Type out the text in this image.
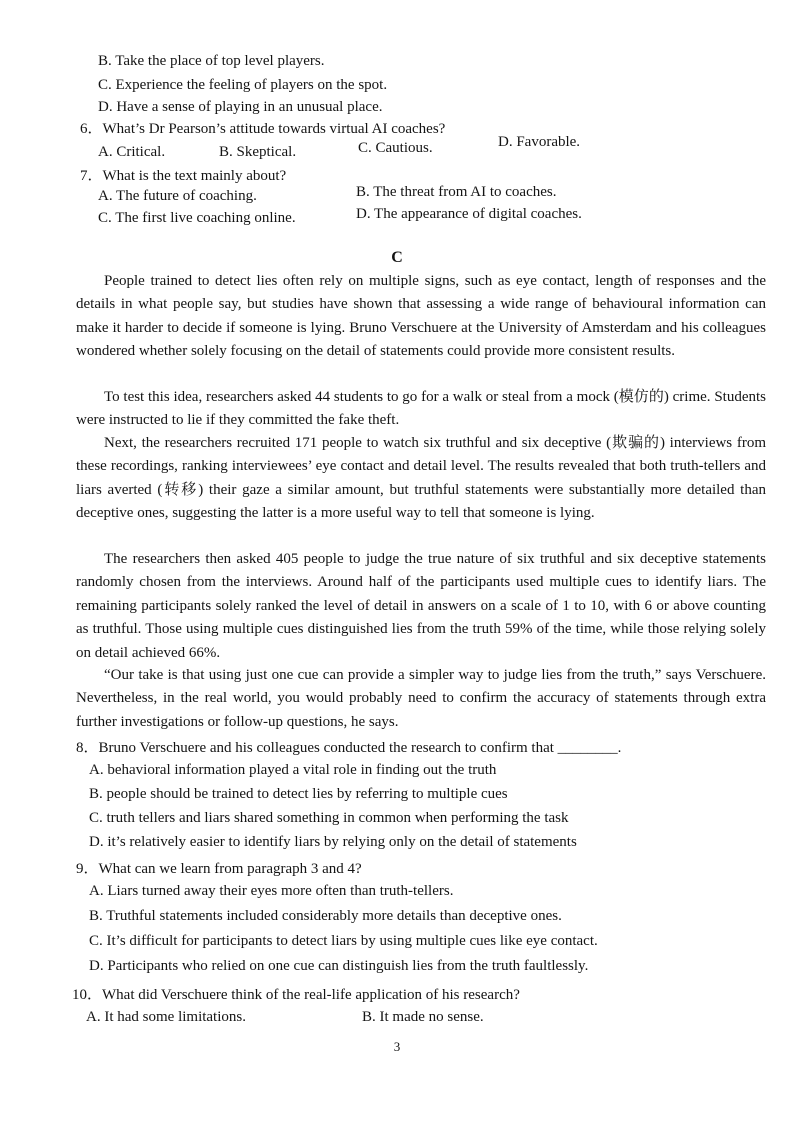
B. Take the place of top level players.
C. Experience the feeling of players on the spot.
D. Have a sense of playing in an unusual place.
6．What’s Dr Pearson’s attitude towards virtual AI coaches?
A. Critical.	B. Skeptical.	C. Cautious.	D. Favorable.
7．What is the text mainly about?
A. The future of coaching.	B. The threat from AI to coaches.
C. The first live coaching online.	D. The appearance of digital coaches.
C

People trained to detect lies often rely on multiple signs, such as eye contact, length of responses and the details in what people say, but studies have shown that assessing a wide range of behavioural information can make it harder to decide if someone is lying. Bruno Verschuere at the University of Amsterdam and his colleagues wondered whether solely focusing on the detail of statements could provide more consistent results.

To test this idea, researchers asked 44 students to go for a walk or steal from a mock (模仿的) crime. Students were instructed to lie if they committed the fake theft.

Next, the researchers recruited 171 people to watch six truthful and six deceptive (欺骗的) interviews from these recordings, ranking interviewees’ eye contact and detail level. The results revealed that both truth-tellers and liars averted (转移) their gaze a similar amount, but truthful statements were substantially more detailed than deceptive ones, suggesting the latter is a more useful way to tell that someone is lying.

The researchers then asked 405 people to judge the true nature of six truthful and six deceptive statements randomly chosen from the interviews. Around half of the participants used multiple cues to identify liars. The remaining participants solely ranked the level of detail in answers on a scale of 1 to 10, with 6 or above counting as truthful. Those using multiple cues distinguished lies from the truth 59% of the time, while those relying solely on detail achieved 66%.

“Our take is that using just one cue can provide a simpler way to judge lies from the truth,” says Verschuere. Nevertheless, in the real world, you would probably need to confirm the accuracy of statements through extra further investigations or follow-up questions, he says.

8．Bruno Verschuere and his colleagues conducted the research to confirm that ________.
A. behavioral information played a vital role in finding out the truth
B. people should be trained to detect lies by referring to multiple cues
C. truth tellers and liars shared something in common when performing the task
D. it’s relatively easier to identify liars by relying only on the detail of statements
9．What can we learn from paragraph 3 and 4?
A. Liars turned away their eyes more often than truth-tellers.
B. Truthful statements included considerably more details than deceptive ones.
C. It’s difficult for participants to detect liars by using multiple cues like eye contact.
D. Participants who relied on one cue can distinguish lies from the truth faultlessly.
10．What did Verschuere think of the real-life application of his research?
A. It had some limitations.	B. It made no sense.
3
